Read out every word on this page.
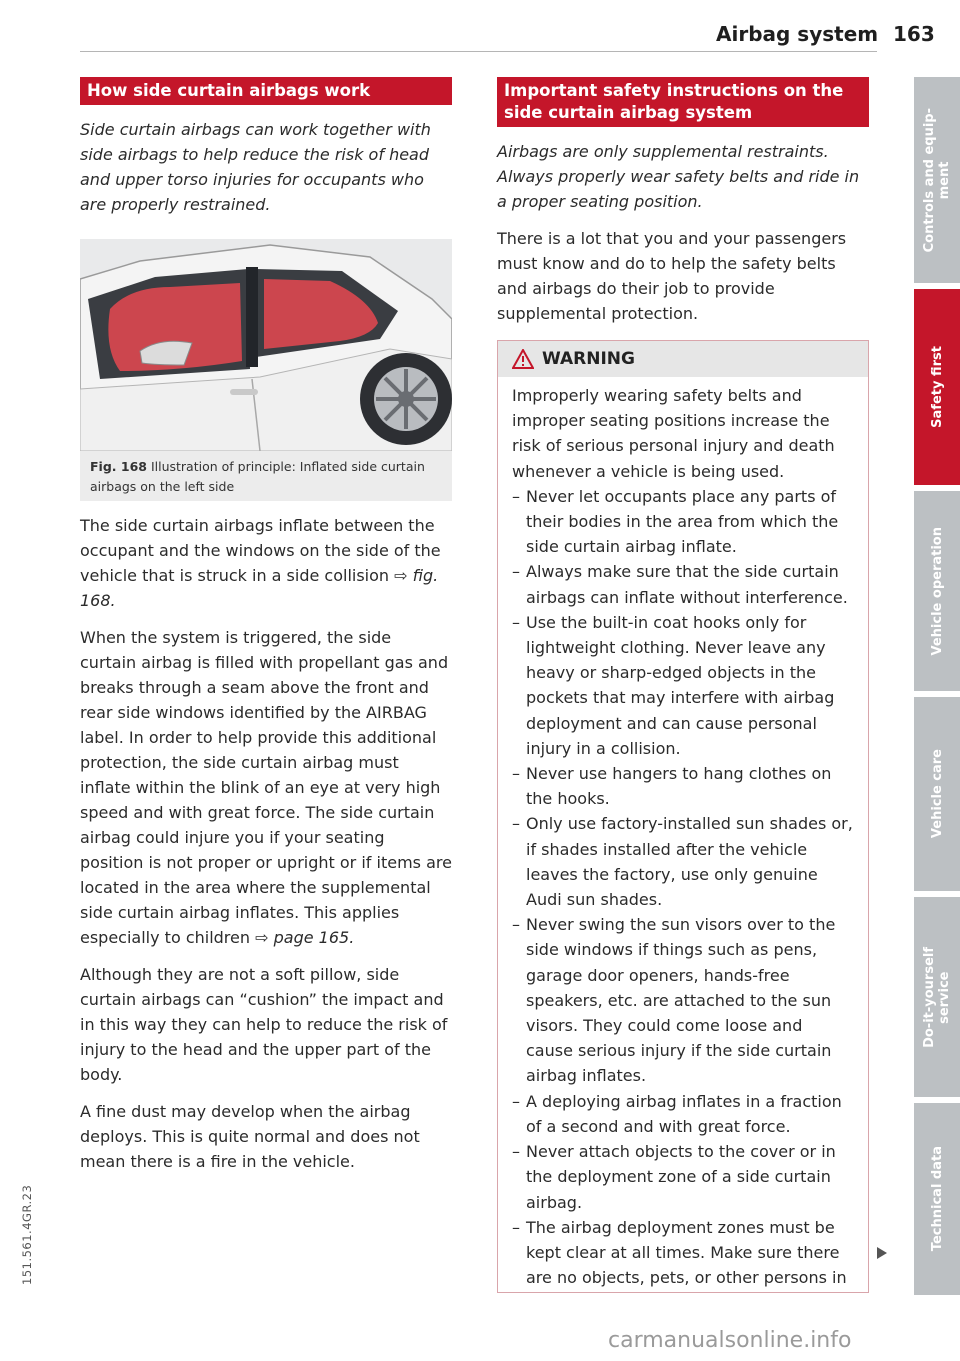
Airbag system 163
How side curtain airbags work

Side curtain airbags can work together with side airbags to help reduce the risk of head and upper torso injuries for occupants who are properly restrained.

Fig. 168 Illustration of principle: Inflated side curtain airbags on the left side

The side curtain airbags inflate between the occupant and the windows on the side of the vehicle that is struck in a side collision ⇨ fig. 168.

When the system is triggered, the side curtain airbag is filled with propellant gas and breaks through a seam above the front and rear side windows identified by the AIRBAG label. In order to help provide this additional protection, the side curtain airbag must inflate within the blink of an eye at very high speed and with great force. The side curtain airbag could injure you if your seating position is not proper or upright or if items are located in the area where the supplemental side curtain airbag inflates. This applies especially to children ⇨ page 165.

Although they are not a soft pillow, side curtain airbags can “cushion” the impact and in this way they can help to reduce the risk of injury to the head and the upper part of the body.

A fine dust may develop when the airbag deploys. This is quite normal and does not mean there is a fire in the vehicle.

Important safety instructions on the side curtain airbag system

Airbags are only supplemental restraints. Always properly wear safety belts and ride in a proper seating position.

There is a lot that you and your passengers must know and do to help the safety belts and airbags do their job to provide supplemental protection.

WARNING

Improperly wearing safety belts and improper seating positions increase the risk of serious personal injury and death whenever a vehicle is being used.

– Never let occupants place any parts of their bodies in the area from which the side curtain airbag inflate.
– Always make sure that the side curtain airbags can inflate without interference.
– Use the built-in coat hooks only for lightweight clothing. Never leave any heavy or sharp-edged objects in the pockets that may interfere with airbag deployment and can cause personal injury in a collision.
– Never use hangers to hang clothes on the hooks.
– Only use factory-installed sun shades or, if shades installed after the vehicle leaves the factory, use only genuine Audi sun shades.
– Never swing the sun visors over to the side windows if things such as pens, garage door openers, hands-free speakers, etc. are attached to the sun visors. They could come loose and cause serious injury if the side curtain airbag inflates.
– A deploying airbag inflates in a fraction of a second and with great force.
– Never attach objects to the cover or in the deployment zone of a side curtain airbag.
– The airbag deployment zones must be kept clear at all times. Make sure there are no objects, pets, or other persons in
Controls and equip-
ment
Safety first
Vehicle operation
Vehicle care
Do-it-yourself
service
Technical data
151.561.4GR.23
carmanualsonline.info
